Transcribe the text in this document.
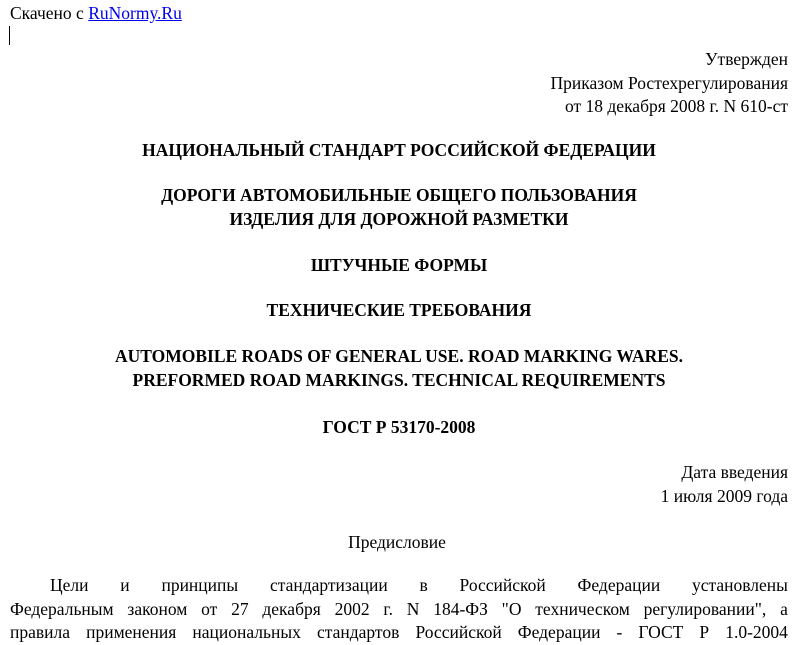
Скачено с RuNormy.Ru
Утвержден
Приказом Ростехрегулирования
от 18 декабря 2008 г. N 610-ст
НАЦИОНАЛЬНЫЙ СТАНДАРТ РОССИЙСКОЙ ФЕДЕРАЦИИ
ДОРОГИ АВТОМОБИЛЬНЫЕ ОБЩЕГО ПОЛЬЗОВАНИЯ
ИЗДЕЛИЯ ДЛЯ ДОРОЖНОЙ РАЗМЕТКИ
ШТУЧНЫЕ ФОРМЫ
ТЕХНИЧЕСКИЕ ТРЕБОВАНИЯ
AUTOMOBILE ROADS OF GENERAL USE. ROAD MARKING WARES.
PREFORMED ROAD MARKINGS. TECHNICAL REQUIREMENTS
ГОСТ Р 53170-2008
Дата введения
1 июля 2009 года
Предисловие
Цели и принципы стандартизации в Российской Федерации установлены
Федеральным законом от 27 декабря 2002 г. N 184-ФЗ "О техническом регулировании", а
правила применения национальных стандартов Российской Федерации - ГОСТ Р 1.0-2004
